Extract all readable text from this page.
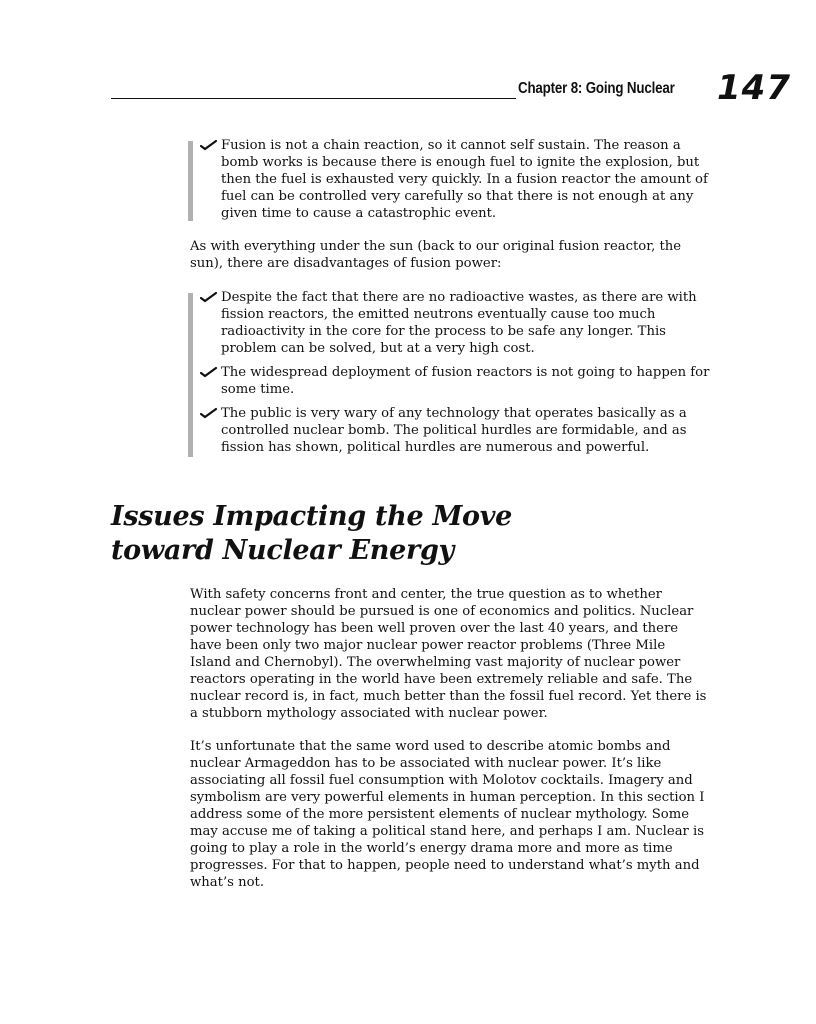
Chapter 8: Going Nuclear 147
Fusion is not a chain reaction, so it cannot self sustain. The reason a bomb works is because there is enough fuel to ignite the explosion, but then the fuel is exhausted very quickly. In a fusion reactor the amount of fuel can be controlled very carefully so that there is not enough at any given time to cause a catastrophic event.

As with everything under the sun (back to our original fusion reactor, the sun), there are disadvantages of fusion power:

Despite the fact that there are no radioactive wastes, as there are with fission reactors, the emitted neutrons eventually cause too much radioactivity in the core for the process to be safe any longer. This problem can be solved, but at a very high cost.
The widespread deployment of fusion reactors is not going to happen for some time.
The public is very wary of any technology that operates basically as a controlled nuclear bomb. The political hurdles are formidable, and as fission has shown, political hurdles are numerous and powerful.
Issues Impacting the Move
toward Nuclear Energy

With safety concerns front and center, the true question as to whether nuclear power should be pursued is one of economics and politics. Nuclear power technology has been well proven over the last 40 years, and there have been only two major nuclear power reactor problems (Three Mile Island and Chernobyl). The overwhelming vast majority of nuclear power reactors operating in the world have been extremely reliable and safe. The nuclear record is, in fact, much better than the fossil fuel record. Yet there is a stubborn mythology associated with nuclear power.

It’s unfortunate that the same word used to describe atomic bombs and nuclear Armageddon has to be associated with nuclear power. It’s like associating all fossil fuel consumption with Molotov cocktails. Imagery and symbolism are very powerful elements in human perception. In this section I address some of the more persistent elements of nuclear mythology. Some may accuse me of taking a political stand here, and perhaps I am. Nuclear is going to play a role in the world’s energy drama more and more as time progresses. For that to happen, people need to understand what’s myth and what’s not.
